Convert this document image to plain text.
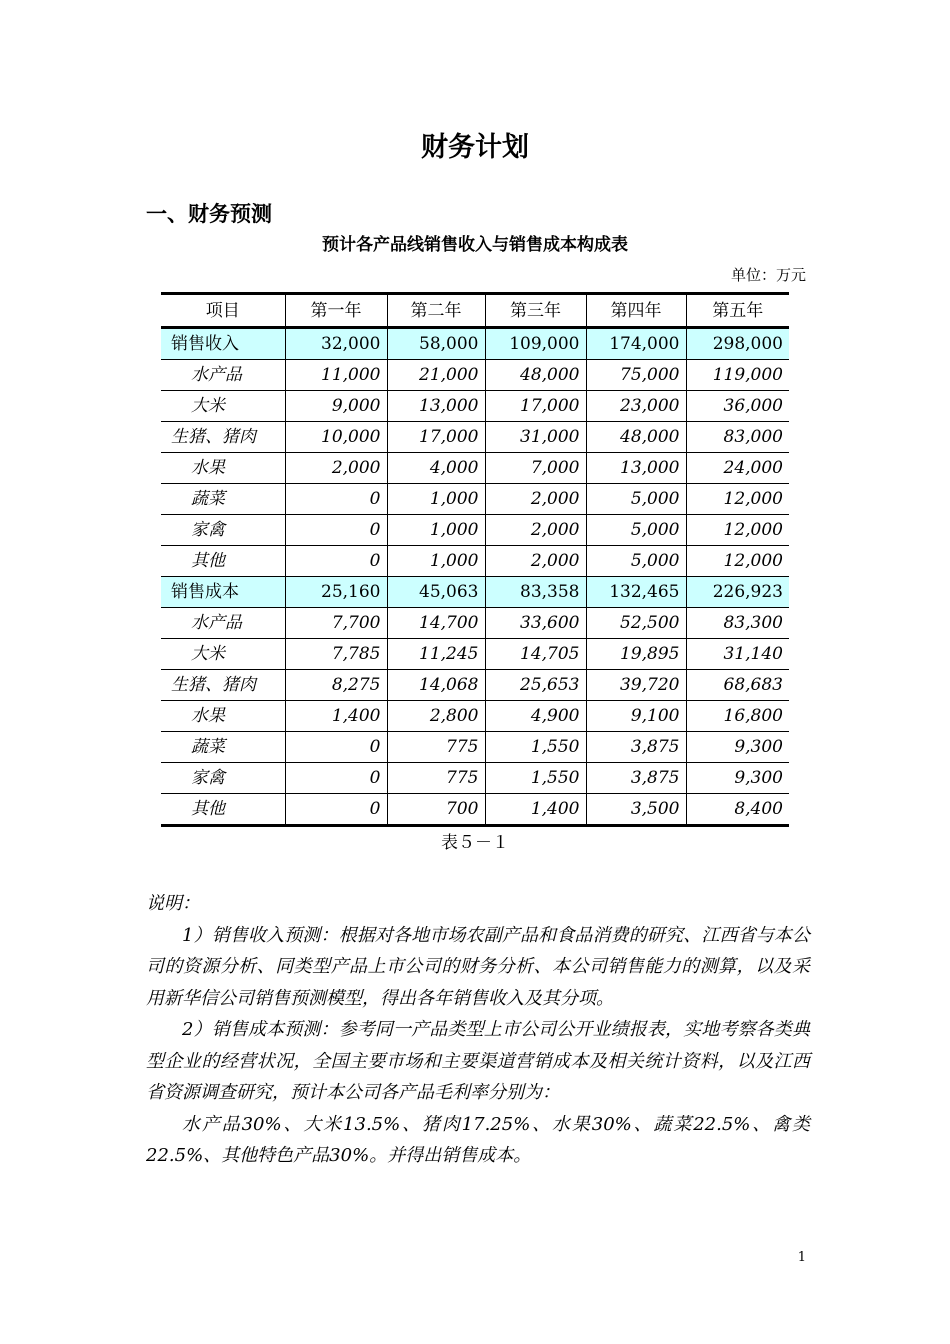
财务计划
一、财务预测
预计各产品线销售收入与销售成本构成表
单位：万元
项目	第一年	第二年	第三年	第四年	第五年
销售收入	32,000	58,000	109,000	174,000	298,000
水产品	11,000	21,000	48,000	75,000	119,000
大米	9,000	13,000	17,000	23,000	36,000
生猪、猪肉	10,000	17,000	31,000	48,000	83,000
水果	2,000	4,000	7,000	13,000	24,000
蔬菜	0	1,000	2,000	5,000	12,000
家禽	0	1,000	2,000	5,000	12,000
其他	0	1,000	2,000	5,000	12,000
销售成本	25,160	45,063	83,358	132,465	226,923
水产品	7,700	14,700	33,600	52,500	83,300
大米	7,785	11,245	14,705	19,895	31,140
生猪、猪肉	8,275	14,068	25,653	39,720	68,683
水果	1,400	2,800	4,900	9,100	16,800
蔬菜	0	775	1,550	3,875	9,300
家禽	0	775	1,550	3,875	9,300
其他	0	700	1,400	3,500	8,400
表５－１

说明：

1）销售收入预测：根据对各地市场农副产品和食品消费的研究、江西省与本公司的资源分析、同类型产品上市公司的财务分析、本公司销售能力的测算，以及采用新华信公司销售预测模型，得出各年销售收入及其分项。

2）销售成本预测：参考同一产品类型上市公司公开业绩报表，实地考察各类典型企业的经营状况，全国主要市场和主要渠道营销成本及相关统计资料，以及江西省资源调查研究，预计本公司各产品毛利率分别为：

水产品30%、大米13.5%、猪肉17.25%、水果30%、蔬菜22.5%、禽类22.5%、其他特色产品30%。并得出销售成本。

1
